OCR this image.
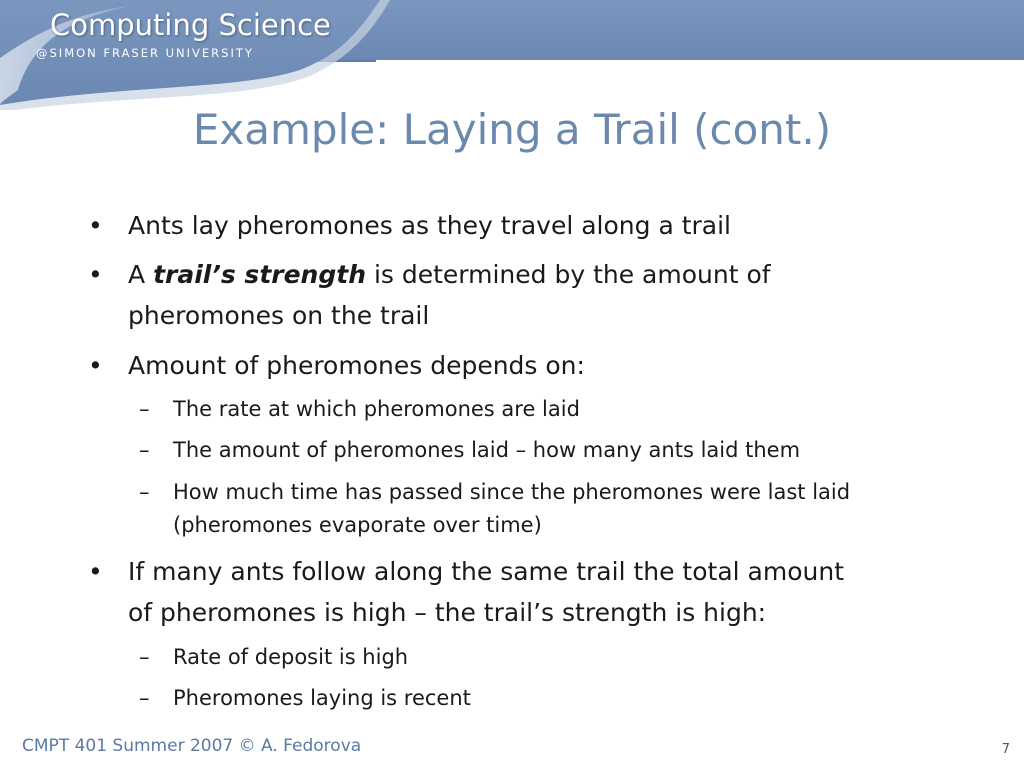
Computing Science
@SIMON FRASER UNIVERSITY
Example: Laying a Trail (cont.)
• Ants lay pheromones as they travel along a trail
• A trail’s strength is determined by the amount of
pheromones on the trail
• Amount of pheromones depends on:
– The rate at which pheromones are laid
– The amount of pheromones laid – how many ants laid them
– How much time has passed since the pheromones were last laid
(pheromones evaporate over time)
• If many ants follow along the same trail the total amount
of pheromones is high – the trail’s strength is high:
– Rate of deposit is high
– Pheromones laying is recent
CMPT 401 Summer 2007 © A. Fedorova	7
